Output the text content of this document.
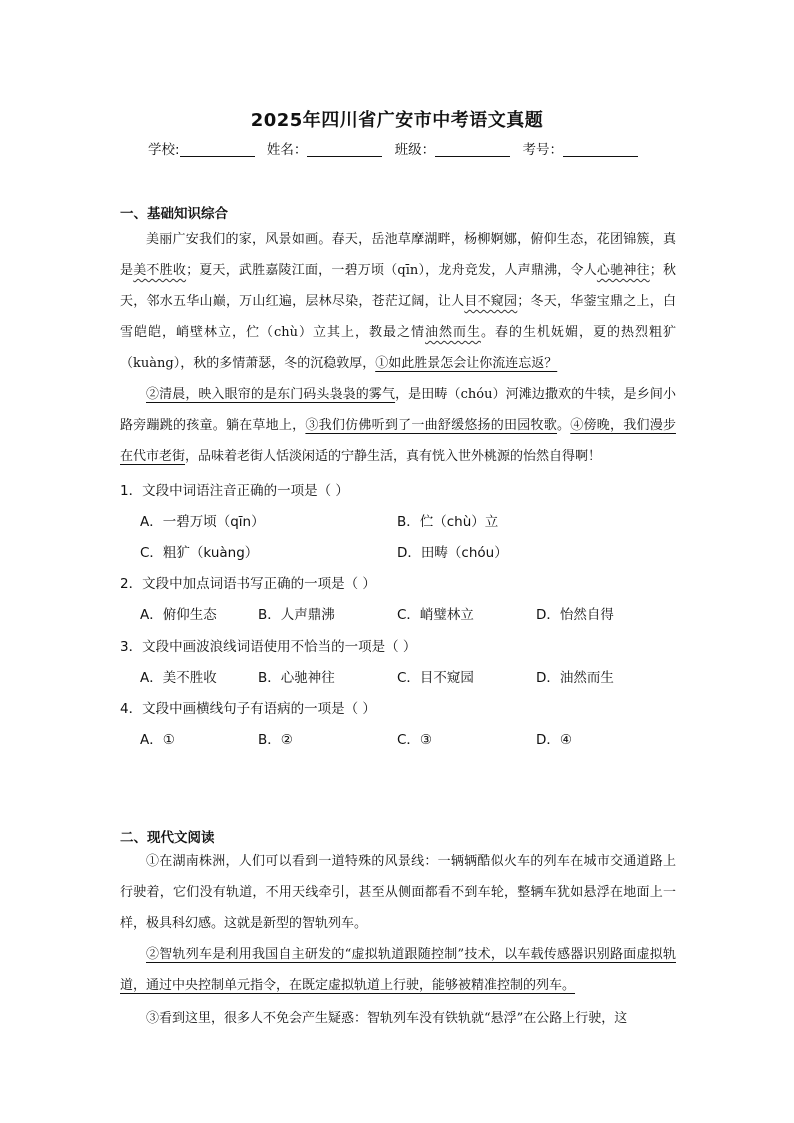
2025年四川省广安市中考语文真题
学校:	姓名：	班级：	考号：
一、基础知识综合
美丽广安我们的家，风景如画。春天，岳池草摩湖畔，杨柳婀娜，俯仰生态，花团锦簇，真是美不胜收；夏天，武胜嘉陵江面，一碧万顷（qīn），龙舟竞发，人声鼎沸，令人心驰神往；秋天，邻水五华山巅，万山红遍，层林尽染，苍茫辽阔，让人目不窥园；冬天，华蓥宝鼎之上，白雪皑皑，峭壁林立，伫（chù）立其上，教最之情油然而生。春的生机妩媚，夏的热烈粗犷（kuàng），秋的多情萧瑟，冬的沉稳敦厚，①如此胜景怎会让你流连忘返？
②清晨，映入眼帘的是东门码头袅袅的雾气，是田畴（chóu）河滩边撒欢的牛犊，是乡间小路旁蹦跳的孩童。躺在草地上，③我们仿佛听到了一曲舒缓悠扬的田园牧歌。④傍晚，我们漫步在代市老街，品味着老街人恬淡闲适的宁静生活，真有恍入世外桃源的怡然自得啊！
1．文段中词语注音正确的一项是（ ）
A．一碧万顷（qīn）	B．伫（chù）立
C．粗犷（kuàng）	D．田畴（chóu）
2．文段中加点词语书写正确的一项是（ ）
A．俯仰生态	B．人声鼎沸	C．峭璧林立	D．怡然自得
3．文段中画波浪线词语使用不恰当的一项是（ ）
A．美不胜收	B．心驰神往	C．目不窥园	D．油然而生
4．文段中画横线句子有语病的一项是（ ）
A．①	B．②	C．③	D．④
二、现代文阅读
①在湖南株洲，人们可以看到一道特殊的风景线：一辆辆酷似火车的列车在城市交通道路上行驶着，它们没有轨道，不用天线牵引，甚至从侧面都看不到车轮，整辆车犹如悬浮在地面上一样，极具科幻感。这就是新型的智轨列车。
②智轨列车是利用我国自主研发的“虚拟轨道跟随控制”技术，以车载传感器识别路面虚拟轨道，通过中央控制单元指令，在既定虚拟轨道上行驶，能够被精准控制的列车。
③看到这里，很多人不免会产生疑惑：智轨列车没有铁轨就“悬浮”在公路上行驶，这
